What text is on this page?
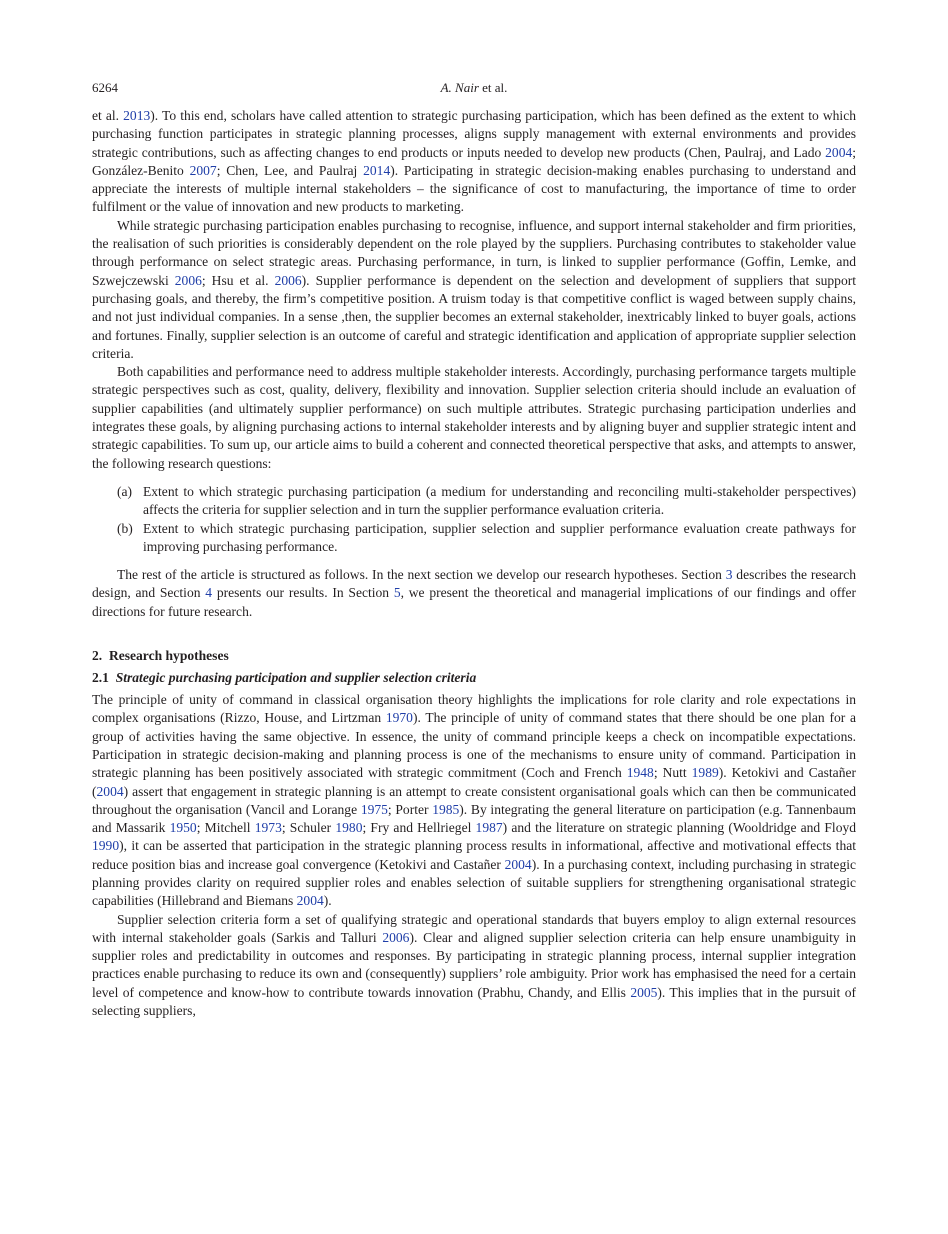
6264	A. Nair et al.

et al. 2013). To this end, scholars have called attention to strategic purchasing participation, which has been defined as the extent to which purchasing function participates in strategic planning processes, aligns supply management with external environments and provides strategic contributions, such as affecting changes to end products or inputs needed to develop new products (Chen, Paulraj, and Lado 2004; González-Benito 2007; Chen, Lee, and Paulraj 2014). Participating in strategic decision-making enables purchasing to understand and appreciate the interests of multiple internal stakeholders – the significance of cost to manufacturing, the importance of time to order fulfilment or the value of innovation and new products to marketing.

While strategic purchasing participation enables purchasing to recognise, influence, and support internal stakeholder and firm priorities, the realisation of such priorities is considerably dependent on the role played by the suppliers. Purchasing contributes to stakeholder value through performance on select strategic areas. Purchasing performance, in turn, is linked to supplier performance (Goffin, Lemke, and Szwejczewski 2006; Hsu et al. 2006). Supplier performance is dependent on the selection and development of suppliers that support purchasing goals, and thereby, the firm’s competitive position. A truism today is that competitive conflict is waged between supply chains, and not just individual companies. In a sense ,then, the supplier becomes an external stakeholder, inextricably linked to buyer goals, actions and fortunes. Finally, supplier selection is an outcome of careful and strategic identification and application of appropriate supplier selection criteria.

Both capabilities and performance need to address multiple stakeholder interests. Accordingly, purchasing performance targets multiple strategic perspectives such as cost, quality, delivery, flexibility and innovation. Supplier selection criteria should include an evaluation of supplier capabilities (and ultimately supplier performance) on such multiple attributes. Strategic purchasing participation underlies and integrates these goals, by aligning purchasing actions to internal stakeholder interests and by aligning buyer and supplier strategic intent and strategic capabilities. To sum up, our article aims to build a coherent and connected theoretical perspective that asks, and attempts to answer, the following research questions:

(a) Extent to which strategic purchasing participation (a medium for understanding and reconciling multi-stakeholder perspectives) affects the criteria for supplier selection and in turn the supplier performance evaluation criteria.
(b) Extent to which strategic purchasing participation, supplier selection and supplier performance evaluation create pathways for improving purchasing performance.

The rest of the article is structured as follows. In the next section we develop our research hypotheses. Section 3 describes the research design, and Section 4 presents our results. In Section 5, we present the theoretical and managerial implications of our findings and offer directions for future research.

2. Research hypotheses
2.1 Strategic purchasing participation and supplier selection criteria

The principle of unity of command in classical organisation theory highlights the implications for role clarity and role expectations in complex organisations (Rizzo, House, and Lirtzman 1970). The principle of unity of command states that there should be one plan for a group of activities having the same objective. In essence, the unity of command principle keeps a check on incompatible expectations. Participation in strategic decision-making and planning process is one of the mechanisms to ensure unity of command. Participation in strategic planning has been positively associated with strategic commitment (Coch and French 1948; Nutt 1989). Ketokivi and Castañer (2004) assert that engagement in strategic planning is an attempt to create consistent organisational goals which can then be communicated throughout the organisation (Vancil and Lorange 1975; Porter 1985). By integrating the general literature on participation (e.g. Tannenbaum and Massarik 1950; Mitchell 1973; Schuler 1980; Fry and Hellriegel 1987) and the literature on strategic planning (Wooldridge and Floyd 1990), it can be asserted that participation in the strategic planning process results in informational, affective and motivational effects that reduce position bias and increase goal convergence (Ketokivi and Castañer 2004). In a purchasing context, including purchasing in strategic planning provides clarity on required supplier roles and enables selection of suitable suppliers for strengthening organisational strategic capabilities (Hillebrand and Biemans 2004).

Supplier selection criteria form a set of qualifying strategic and operational standards that buyers employ to align external resources with internal stakeholder goals (Sarkis and Talluri 2006). Clear and aligned supplier selection criteria can help ensure unambiguity in supplier roles and predictability in outcomes and responses. By participating in strategic planning process, internal supplier integration practices enable purchasing to reduce its own and (consequently) suppliers’ role ambiguity. Prior work has emphasised the need for a certain level of competence and know-how to contribute towards innovation (Prabhu, Chandy, and Ellis 2005). This implies that in the pursuit of selecting suppliers,
